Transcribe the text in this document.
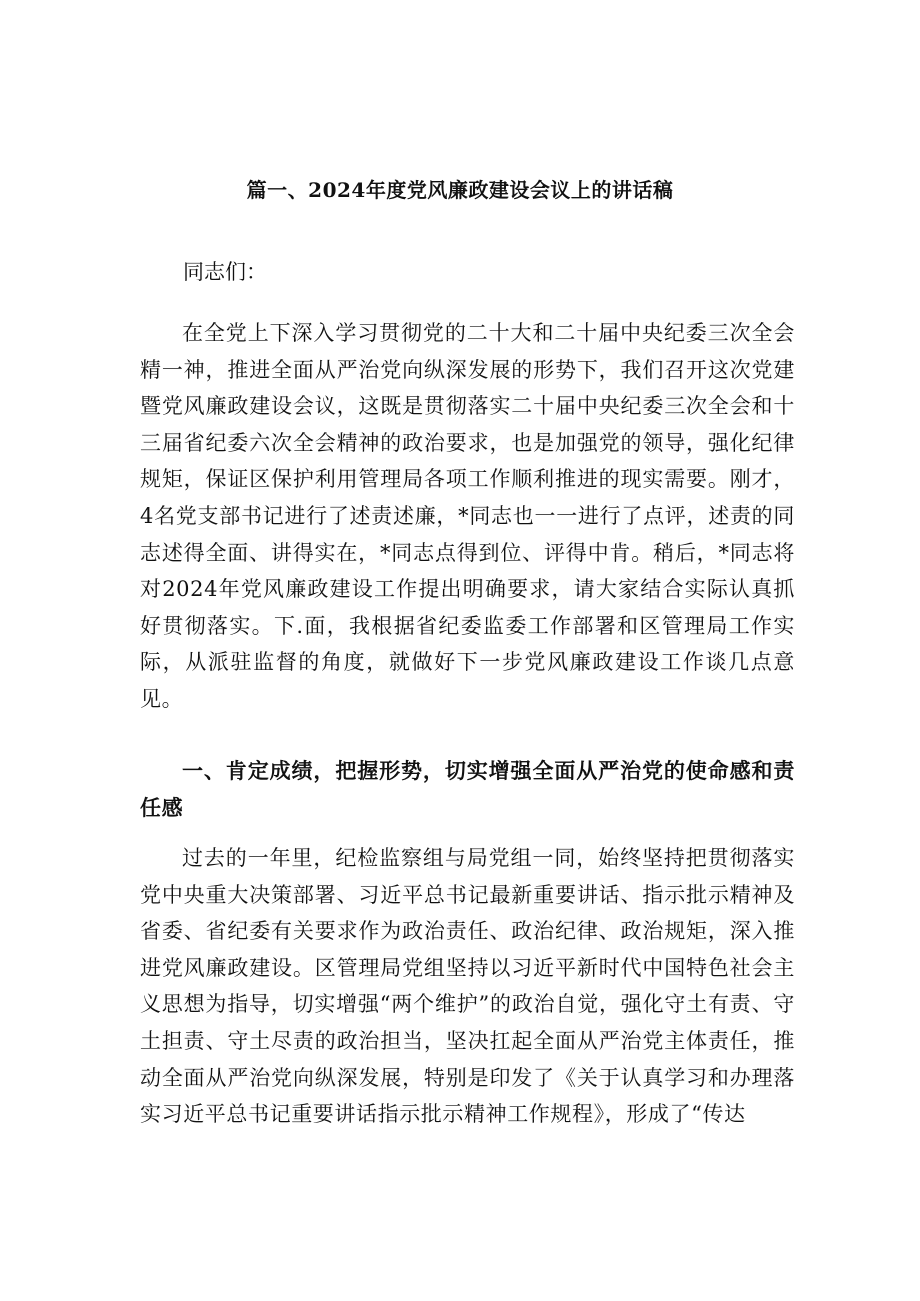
篇一、2024年度党风廉政建设会议上的讲话稿

同志们：

在全党上下深入学习贯彻党的二十大和二十届中央纪委三次全会精一神，推进全面从严治党向纵深发展的形势下，我们召开这次党建暨党风廉政建设会议，这既是贯彻落实二十届中央纪委三次全会和十三届省纪委六次全会精神的政治要求，也是加强党的领导，强化纪律规矩，保证区保护利用管理局各项工作顺利推进的现实需要。刚才，4名党支部书记进行了述责述廉，*同志也一一进行了点评，述责的同志述得全面、讲得实在，*同志点得到位、评得中肯。稍后，*同志将对2024年党风廉政建设工作提出明确要求，请大家结合实际认真抓好贯彻落实。下.面，我根据省纪委监委工作部署和区管理局工作实际，从派驻监督的角度，就做好下一步党风廉政建设工作谈几点意见。

一、肯定成绩，把握形势，切实增强全面从严治党的使命感和责任感

过去的一年里，纪检监察组与局党组一同，始终坚持把贯彻落实党中央重大决策部署、习近平总书记最新重要讲话、指示批示精神及省委、省纪委有关要求作为政治责任、政治纪律、政治规矩，深入推进党风廉政建设。区管理局党组坚持以习近平新时代中国特色社会主义思想为指导，切实增强“两个维护”的政治自觉，强化守土有责、守土担责、守土尽责的政治担当，坚决扛起全面从严治党主体责任，推动全面从严治党向纵深发展，特别是印发了《关于认真学习和办理落实习近平总书记重要讲话指示批示精神工作规程》，形成了“传达
